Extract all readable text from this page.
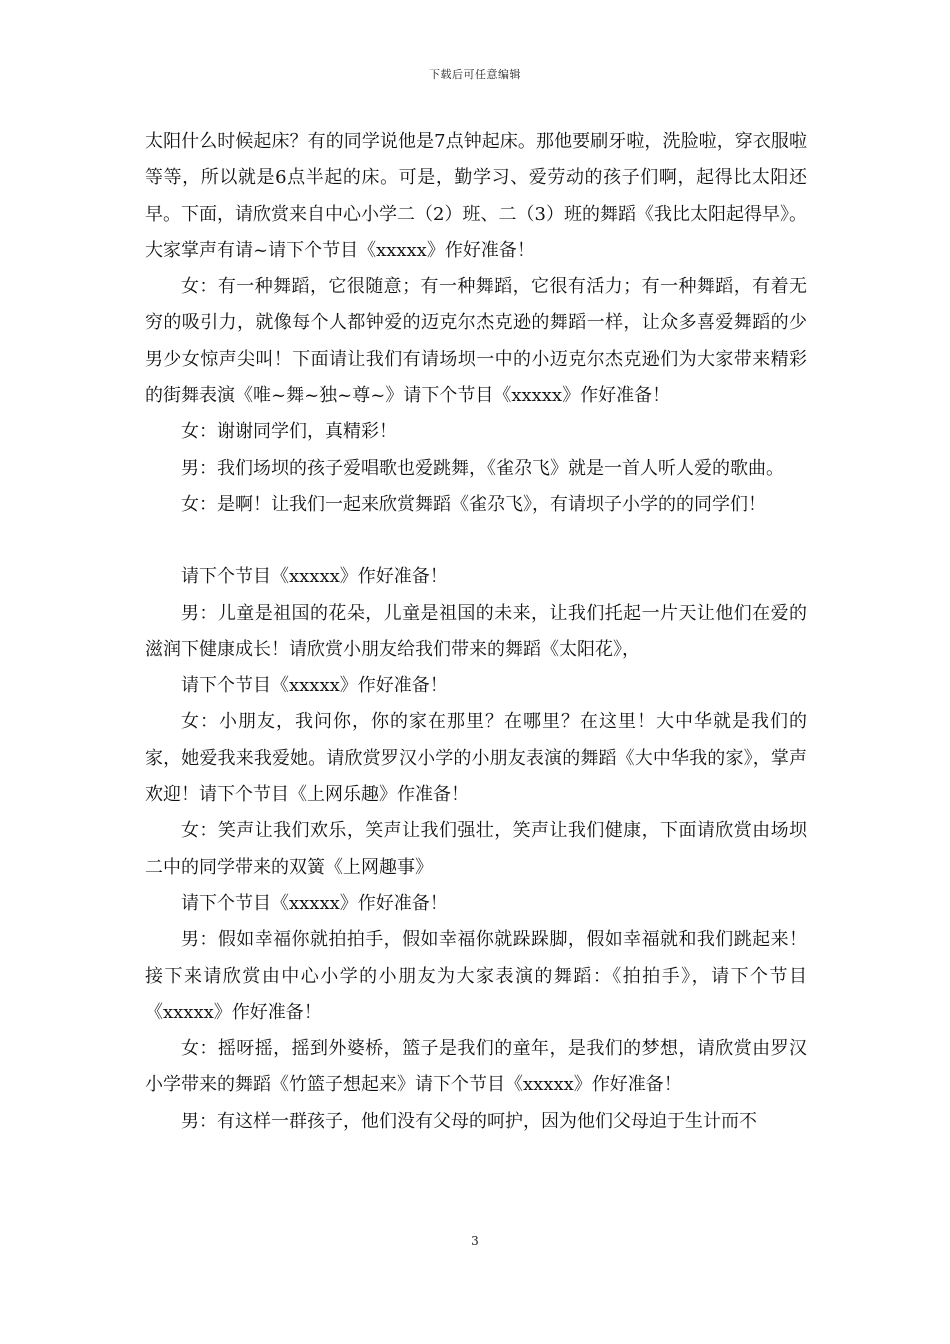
下载后可任意编辑

太阳什么时候起床？有的同学说他是7点钟起床。那他要刷牙啦，洗脸啦，穿衣服啦等等，所以就是6点半起的床。可是，勤学习、爱劳动的孩子们啊，起得比太阳还早。下面，请欣赏来自中心小学二（2）班、二（3）班的舞蹈《我比太阳起得早》。大家掌声有请~请下个节目《xxxxx》作好准备！

女：有一种舞蹈，它很随意；有一种舞蹈，它很有活力；有一种舞蹈，有着无穷的吸引力，就像每个人都钟爱的迈克尔杰克逊的舞蹈一样，让众多喜爱舞蹈的少男少女惊声尖叫！下面请让我们有请场坝一中的小迈克尔杰克逊们为大家带来精彩的街舞表演《唯~舞~独~尊~》请下个节目《xxxxx》作好准备！

女：谢谢同学们，真精彩！

男：我们场坝的孩子爱唱歌也爱跳舞，《雀尕飞》就是一首人听人爱的歌曲。

女：是啊！让我们一起来欣赏舞蹈《雀尕飞》，有请坝子小学的的同学们！

请下个节目《xxxxx》作好准备！

男：儿童是祖国的花朵，儿童是祖国的未来，让我们托起一片天让他们在爱的滋润下健康成长！请欣赏小朋友给我们带来的舞蹈《太阳花》，

请下个节目《xxxxx》作好准备！

女：小朋友，我问你，你的家在那里？在哪里？在这里！大中华就是我们的家，她爱我来我爱她。请欣赏罗汉小学的小朋友表演的舞蹈《大中华我的家》，掌声欢迎！请下个节目《上网乐趣》作准备！

女：笑声让我们欢乐，笑声让我们强壮，笑声让我们健康，下面请欣赏由场坝二中的同学带来的双簧《上网趣事》

请下个节目《xxxxx》作好准备！

男：假如幸福你就拍拍手，假如幸福你就跺跺脚，假如幸福就和我们跳起来！接下来请欣赏由中心小学的小朋友为大家表演的舞蹈：《拍拍手》，请下个节目《xxxxx》作好准备！

女：摇呀摇，摇到外婆桥，篮子是我们的童年，是我们的梦想，请欣赏由罗汉小学带来的舞蹈《竹篮子想起来》请下个节目《xxxxx》作好准备！

男：有这样一群孩子，他们没有父母的呵护，因为他们父母迫于生计而不

3
